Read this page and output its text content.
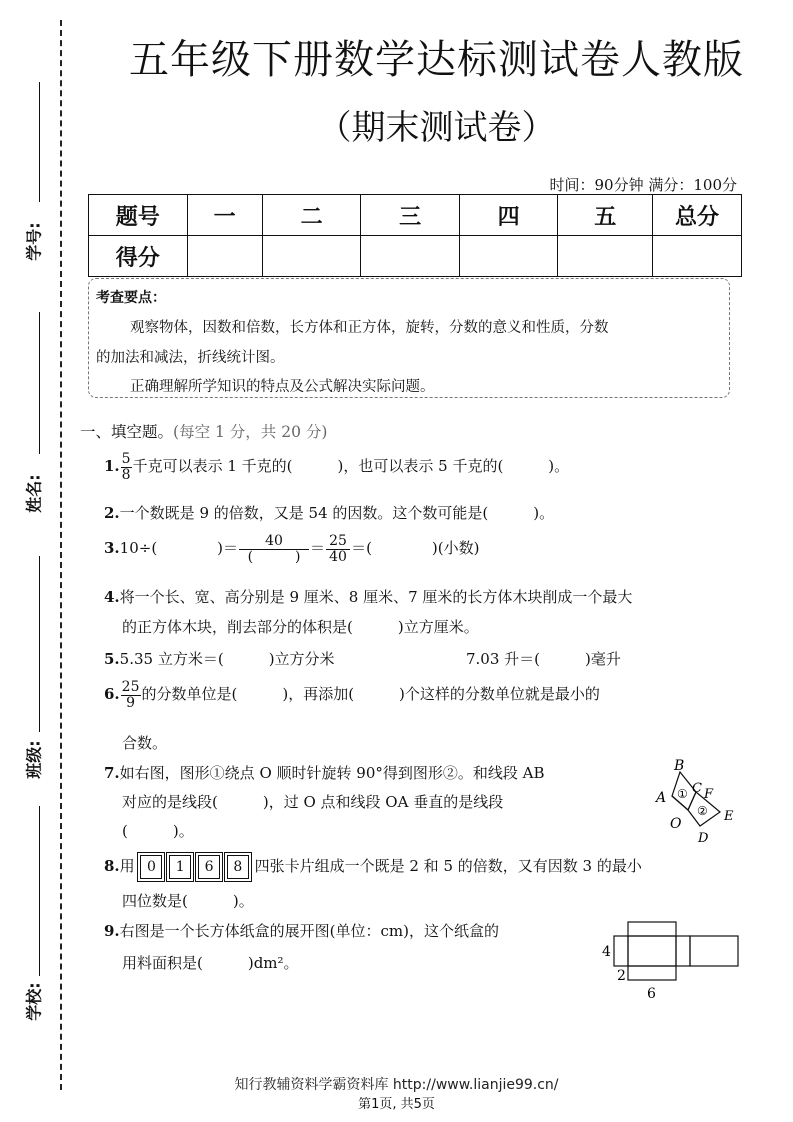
学号:
姓名:
班级:
学校:
五年级下册数学达标测试卷人教版
（期末测试卷）
时间：90分钟 满分：100分
题号	一	二	三	四	五	总分
得分						
考查要点：
观察物体，因数和倍数，长方体和正方体，旋转，分数的意义和性质，分数
的加法和减法，折线统计图。
正确理解所学知识的特点及公式解决实际问题。
一、填空题。(每空 1 分，共 20 分)
1. $\frac{5}{8}$ 千克可以表示 1 千克的(　　　)，也可以表示 5 千克的(　　　)。
2.一个数既是 9 的倍数，又是 54 的因数。这个数可能是(　　　)。
3.10÷(　　　　)＝ $\frac{40}{( )} = \frac{25}{40}$ ＝(　　　　)(小数)
4.将一个长、宽、高分别是 9 厘米、8 厘米、7 厘米的长方体木块削成一个最大
的正方体木块，削去部分的体积是(　　　)立方厘米。
5.5.35 立方米＝(　　　)立方分米	7.03 升＝(　　　)毫升
6. $\frac{25}{9}$ 的分数单位是(　　　)，再添加(　　　)个这样的分数单位就是最小的
合数。
7.如右图，图形①绕点 O 顺时针旋转 90°得到图形②。和线段 AB
对应的是线段(　　　)，过 O 点和线段 OA 垂直的是线段
(　　　)。
B
A
C F
O
D
E
①
②
8.用 0 1 6 8 四张卡片组成一个既是 2 和 5 的倍数，又有因数 3 的最小
四位数是(　　　)。
9.右图是一个长方体纸盒的展开图(单位：cm)，这个纸盒的
用料面积是(　　　)dm²。
4
2
6
知行教辅资料学霸资料库 http://www.lianjie99.cn/
第1页, 共5页
